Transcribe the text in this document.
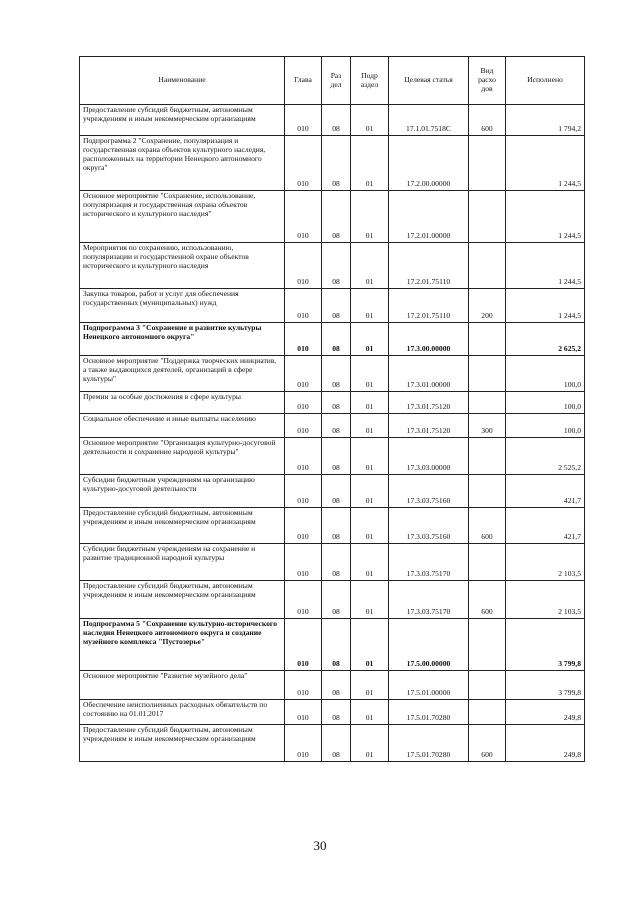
Наименование	Глава	Раз дел	Подр аздел	Целевая статья	Вид расхо дов	Исполнено
Предоставление субсидий бюджетным, автономным учреждениям и иным некоммерческим организациям	010	08	01	17.1.01.7518С	600	1 794,2
Подпрограмма 2 "Сохранение, популяризация и государственная охрана объектов культурного наследия, расположенных на территории Ненецкого автономного округа"	010	08	01	17.2.00.00000		1 244,5
Основное мероприятие "Сохранение, использование, популяризация и государственная охрана объектов исторического и культурного наследия"	010	08	01	17.2.01.00000		1 244,5
Мероприятия по сохранению, использованию, популяризации и государственной охране объектов исторического и культурного наследия	010	08	01	17.2.01.75110		1 244,5
Закупка товаров, работ и услуг для обеспечения государственных (муниципальных) нужд	010	08	01	17.2.01.75110	200	1 244,5
Подпрограмма 3 "Сохранение и развитие культуры Ненецкого автономного округа"	010	08	01	17.3.00.00000		2 625,2
Основное мероприятие "Поддержка творческих инициатив, а также выдающихся деятелей, организаций в сфере культуры"	010	08	01	17.3.01.00000		100,0
Премии за особые достижения в сфере культуры	010	08	01	17.3.01.75120		100,0
Социальное обеспечение и иные выплаты населению	010	08	01	17.3.01.75120	300	100,0
Основное мероприятие "Организация культурно-досуговой деятельности и сохранение народной культуры"	010	08	01	17.3.03.00000		2 525,2
Субсидии бюджетным учреждениям на организацию культурно-досуговой деятельности	010	08	01	17.3.03.75160		421,7
Предоставление субсидий бюджетным, автономным учреждениям и иным некоммерческим организациям	010	08	01	17.3.03.75160	600	421,7
Субсидии бюджетным учреждениям на сохранение и развитие традиционной народной культуры	010	08	01	17.3.03.75170		2 103,5
Предоставление субсидий бюджетным, автономным учреждениям и иным некоммерческим организациям	010	08	01	17.3.03.75170	600	2 103,5
Подпрограмма 5 "Сохранение культурно-исторического наследия Ненецкого автономного округа и создание музейного комплекса "Пустозерье"	010	08	01	17.5.00.00000		3 799,8
Основное мероприятие "Развитие музейного дела"	010	08	01	17.5.01.00000		3 799,8
Обеспечение неисполненных расходных обязательств по состоянию на 01.01.2017	010	08	01	17.5.01.70280		249,8
Предоставление субсидий бюджетным, автономным учреждениям и иным некоммерческим организациям	010	08	01	17.5.01.70280	600	249,8
30
